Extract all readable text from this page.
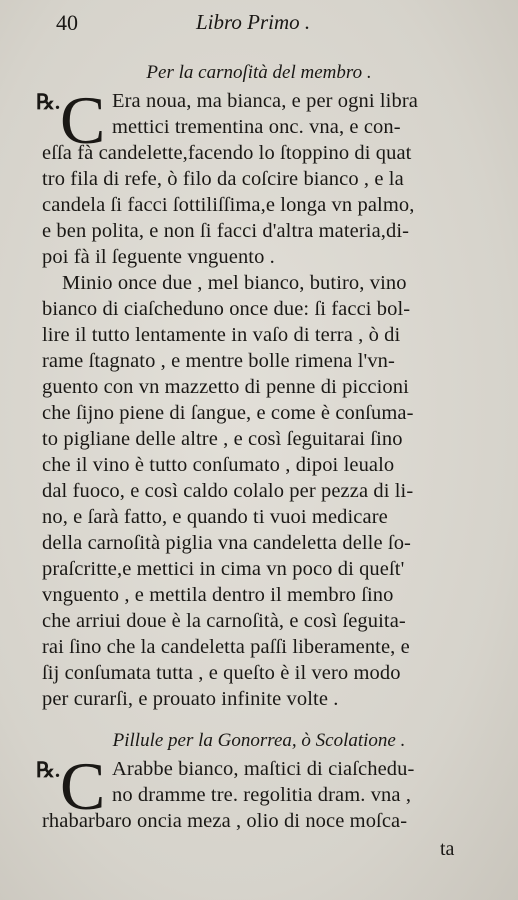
40	Libro Primo .
Per la carnoſità del membro .
℞. C Era noua, ma bianca, e per ogni libra
mettici trementina onc. vna, e con-
eſſa fà candelette,facendo lo ſtoppino di quat
tro fila di refe, ò filo da coſcire bianco , e la
candela ſi facci ſottiliſſima,e longa vn palmo,
e ben polita, e non ſi facci d'altra materia,di-
poi fà il ſeguente vnguento .
Minio once due , mel bianco, butiro, vino
bianco di ciaſcheduno once due: ſi facci bol-
lire il tutto lentamente in vaſo di terra , ò di
rame ſtagnato , e mentre bolle rimena l'vn-
guento con vn mazzetto di penne di piccioni
che ſijno piene di ſangue, e come è conſuma-
to pigliane delle altre , e così ſeguitarai ſino
che il vino è tutto conſumato , dipoi leualo
dal fuoco, e così caldo colalo per pezza di li-
no, e ſarà fatto, e quando ti vuoi medicare
della carnoſità piglia vna candeletta delle ſo-
praſcritte,e mettici in cima vn poco di queſt'
vnguento , e mettila dentro il membro ſino
che arriui doue è la carnoſità, e così ſeguita-
rai ſino che la candeletta paſſi liberamente, e
ſij conſumata tutta , e queſto è il vero modo
per curarſi, e prouato infinite volte .
Pillule per la Gonorrea, ò Scolatione .
℞. C Arabbe bianco, maſtici di ciaſchedu-
no dramme tre. regolitia dram. vna ,
rhabarbaro oncia meza , olio di noce moſca-
ta
